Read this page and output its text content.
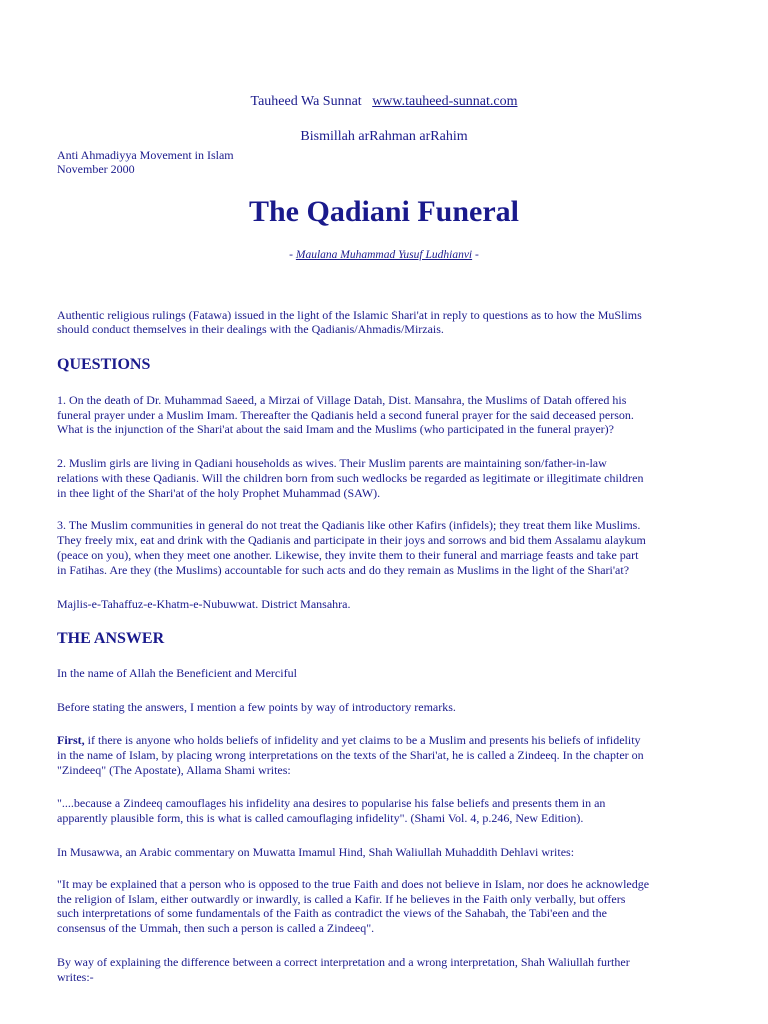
Tauheed Wa Sunnat www.tauheed-sunnat.com
Bismillah arRahman arRahim
Anti Ahmadiyya Movement in Islam
November 2000
The Qadiani Funeral
- Maulana Muhammad Yusuf Ludhianvi -
Authentic religious rulings (Fatawa) issued in the light of the Islamic Shari'at in reply to questions as to how the MuSlims
should conduct themselves in their dealings with the Qadianis/Ahmadis/Mirzais.
QUESTIONS
1. On the death of Dr. Muhammad Saeed, a Mirzai of Village Datah, Dist. Mansahra, the Muslims of Datah offered his
funeral prayer under a Muslim Imam. Thereafter the Qadianis held a second funeral prayer for the said deceased person.
What is the injunction of the Shari'at about the said Imam and the Muslims (who participated in the funeral prayer)?
2. Muslim girls are living in Qadiani households as wives. Their Muslim parents are maintaining son/father-in-law
relations with these Qadianis. Will the children born from such wedlocks be regarded as legitimate or illegitimate children
in thee light of the Shari'at of the holy Prophet Muhammad (SAW).
3. The Muslim communities in general do not treat the Qadianis like other Kafirs (infidels); they treat them like Muslims.
They freely mix, eat and drink with the Qadianis and participate in their joys and sorrows and bid them Assalamu alaykum
(peace on you), when they meet one another. Likewise, they invite them to their funeral and marriage feasts and take part
in Fatihas. Are they (the Muslims) accountable for such acts and do they remain as Muslims in the light of the Shari'at?
Majlis-e-Tahaffuz-e-Khatm-e-Nubuwwat. District Mansahra.
THE ANSWER
In the name of Allah the Beneficient and Merciful
Before stating the answers, I mention a few points by way of introductory remarks.
First, if there is anyone who holds beliefs of infidelity and yet claims to be a Muslim and presents his beliefs of infidelity
in the name of Islam, by placing wrong interpretations on the texts of the Shari'at, he is called a Zindeeq. In the chapter on
"Zindeeq" (The Apostate), Allama Shami writes:
"....because a Zindeeq camouflages his infidelity ana desires to popularise his false beliefs and presents them in an
apparently plausible form, this is what is called camouflaging infidelity". (Shami Vol. 4, p.246, New Edition).
In Musawwa, an Arabic commentary on Muwatta Imamul Hind, Shah Waliullah Muhaddith Dehlavi writes:
"It may be explained that a person who is opposed to the true Faith and does not believe in Islam, nor does he acknowledge
the religion of Islam, either outwardly or inwardly, is called a Kafir. If he believes in the Faith only verbally, but offers
such interpretations of some fundamentals of the Faith as contradict the views of the Sahabah, the Tabi'een and the
consensus of the Ummah, then such a person is called a Zindeeq".
By way of explaining the difference between a correct interpretation and a wrong interpretation, Shah Waliullah further
writes:-
